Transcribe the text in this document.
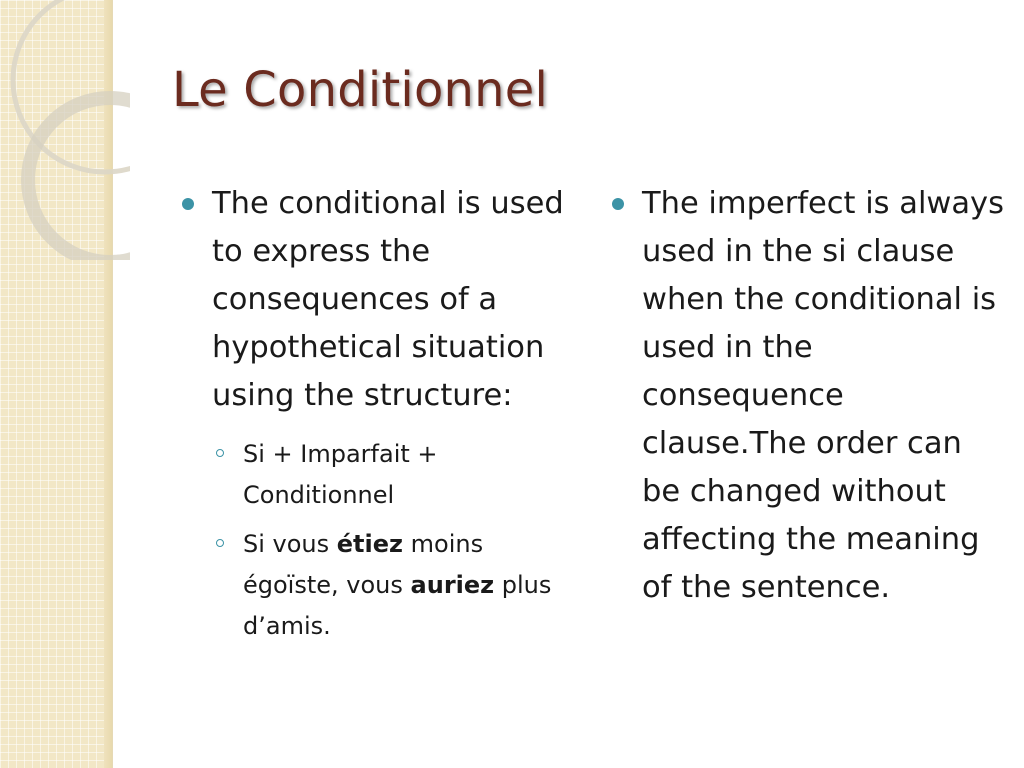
Le Conditionnel
The conditional is used to express the consequences of a hypothetical situation using the structure:
Si + Imparfait + Conditionnel
Si vous étiez moins égoïste, vous auriez plus d’amis.
The imperfect is always used in the si clause when the conditional is used in the consequence clause.The order can be changed without affecting the meaning of the sentence.
